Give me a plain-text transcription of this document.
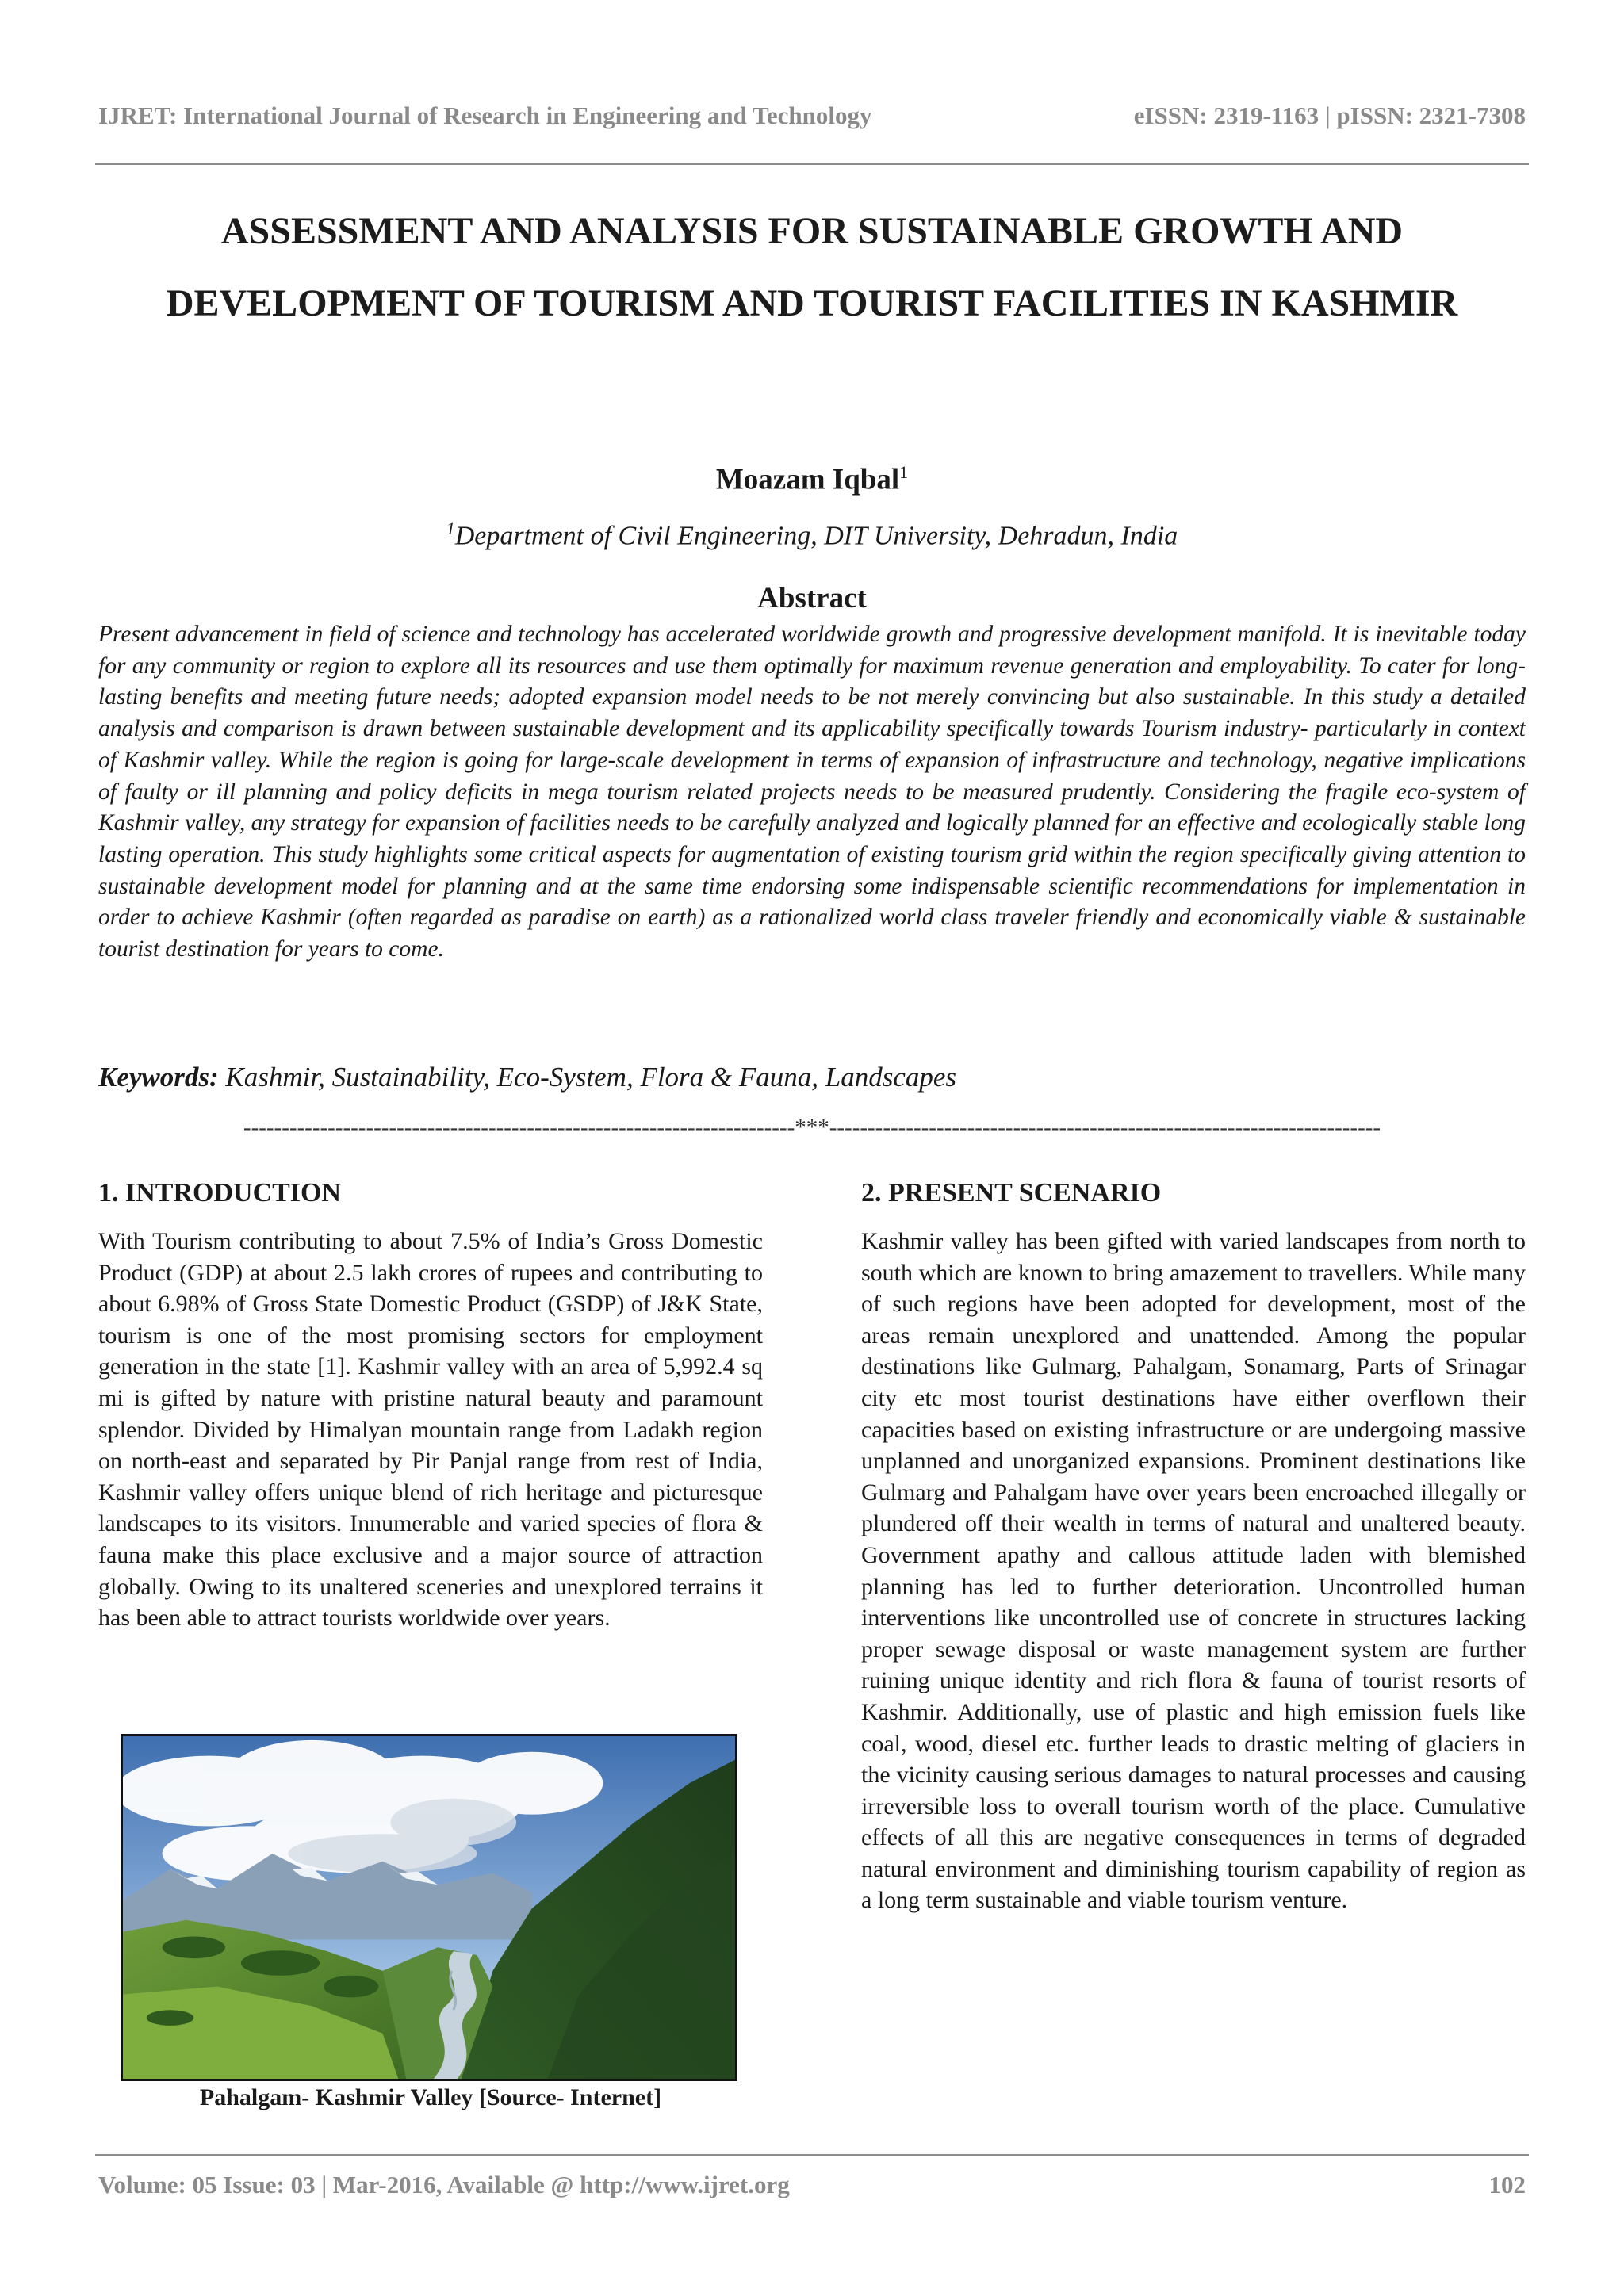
IJRET: International Journal of Research in Engineering and Technology	eISSN: 2319-1163 | pISSN: 2321-7308
ASSESSMENT AND ANALYSIS FOR SUSTAINABLE GROWTH AND DEVELOPMENT OF TOURISM AND TOURIST FACILITIES IN KASHMIR
Moazam Iqbal$^1$
$^1$Department of Civil Engineering, DIT University, Dehradun, India
Abstract

Present advancement in field of science and technology has accelerated worldwide growth and progressive development manifold. It is inevitable today for any community or region to explore all its resources and use them optimally for maximum revenue generation and employability. To cater for long-lasting benefits and meeting future needs; adopted expansion model needs to be not merely convincing but also sustainable. In this study a detailed analysis and comparison is drawn between sustainable development and its applicability specifically towards Tourism industry- particularly in context of Kashmir valley. While the region is going for large-scale development in terms of expansion of infrastructure and technology, negative implications of faulty or ill planning and policy deficits in mega tourism related projects needs to be measured prudently. Considering the fragile eco-system of Kashmir valley, any strategy for expansion of facilities needs to be carefully analyzed and logically planned for an effective and ecologically stable long lasting operation. This study highlights some critical aspects for augmentation of existing tourism grid within the region specifically giving attention to sustainable development model for planning and at the same time endorsing some indispensable scientific recommendations for implementation in order to achieve Kashmir (often regarded as paradise on earth) as a rationalized world class traveler friendly and economically viable & sustainable tourist destination for years to come.

Keywords: Kashmir, Sustainability, Eco-System, Flora & Fauna, Landscapes
------------------------------------------------------------------------***------------------------------------------------------------------------
1. INTRODUCTION

With Tourism contributing to about 7.5% of India’s Gross Domestic Product (GDP) at about 2.5 lakh crores of rupees and contributing to about 6.98% of Gross State Domestic Product (GSDP) of J&K State, tourism is one of the most promising sectors for employment generation in the state [1]. Kashmir valley with an area of 5,992.4 sq mi is gifted by nature with pristine natural beauty and paramount splendor. Divided by Himalyan mountain range from Ladakh region on north-east and separated by Pir Panjal range from rest of India, Kashmir valley offers unique blend of rich heritage and picturesque landscapes to its visitors. Innumerable and varied species of flora & fauna make this place exclusive and a major source of attraction globally. Owing to its unaltered sceneries and unexplored terrains it has been able to attract tourists worldwide over years.

2. PRESENT SCENARIO

Kashmir valley has been gifted with varied landscapes from north to south which are known to bring amazement to travellers. While many of such regions have been adopted for development, most of the areas remain unexplored and unattended. Among the popular destinations like Gulmarg, Pahalgam, Sonamarg, Parts of Srinagar city etc most tourist destinations have either overflown their capacities based on existing infrastructure or are undergoing massive unplanned and unorganized expansions. Prominent destinations like Gulmarg and Pahalgam have over years been encroached illegally or plundered off their wealth in terms of natural and unaltered beauty. Government apathy and callous attitude laden with blemished planning has led to further deterioration. Uncontrolled human interventions like uncontrolled use of concrete in structures lacking proper sewage disposal or waste management system are further ruining unique identity and rich flora & fauna of tourist resorts of Kashmir. Additionally, use of plastic and high emission fuels like coal, wood, diesel etc. further leads to drastic melting of glaciers in the vicinity causing serious damages to natural processes and causing irreversible loss to overall tourism worth of the place. Cumulative effects of all this are negative consequences in terms of degraded natural environment and diminishing tourism capability of region as a long term sustainable and viable tourism venture.

Pahalgam- Kashmir Valley [Source- Internet]
Volume: 05 Issue: 03 | Mar-2016, Available @ http://www.ijret.org	102
